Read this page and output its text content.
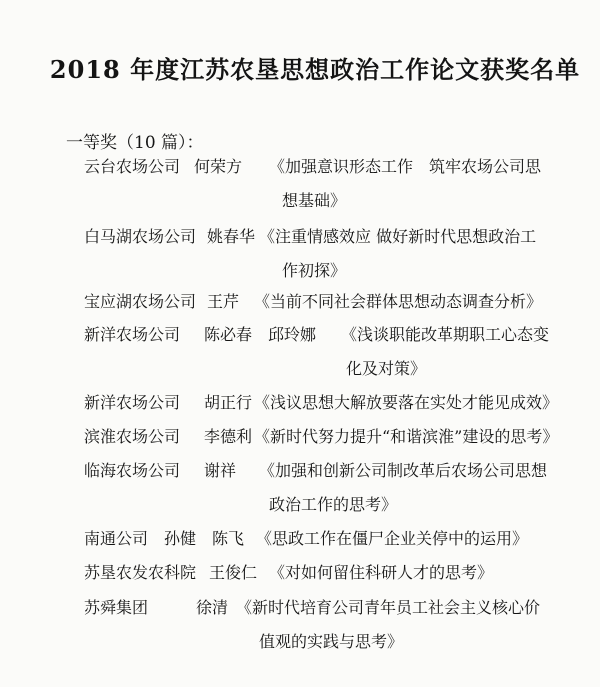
2018 年度江苏农垦思想政治工作论文获奖名单
一等奖（10 篇）：
云台农场公司 何荣方 《加强意识形态工作　筑牢农场公司思
想基础》
白马湖农场公司 姚春华 《注重情感效应 做好新时代思想政治工
作初探》
宝应湖农场公司 王芹 《当前不同社会群体思想动态调查分析》
新洋农场公司 陈必春　邱玲娜 《浅谈职能改革期职工心态变
化及对策》
新洋农场公司 胡正行 《浅议思想大解放要落在实处才能见成效》
滨淮农场公司 李德利 《新时代努力提升“和谐滨淮”建设的思考》
临海农场公司 谢祥 《加强和创新公司制改革后农场公司思想
政治工作的思考》
南通公司 孙健　陈飞 《思政工作在僵尸企业关停中的运用》
苏垦农发农科院 王俊仁 《对如何留住科研人才的思考》
苏舜集团	徐清 《新时代培育公司青年员工社会主义核心价
值观的实践与思考》
